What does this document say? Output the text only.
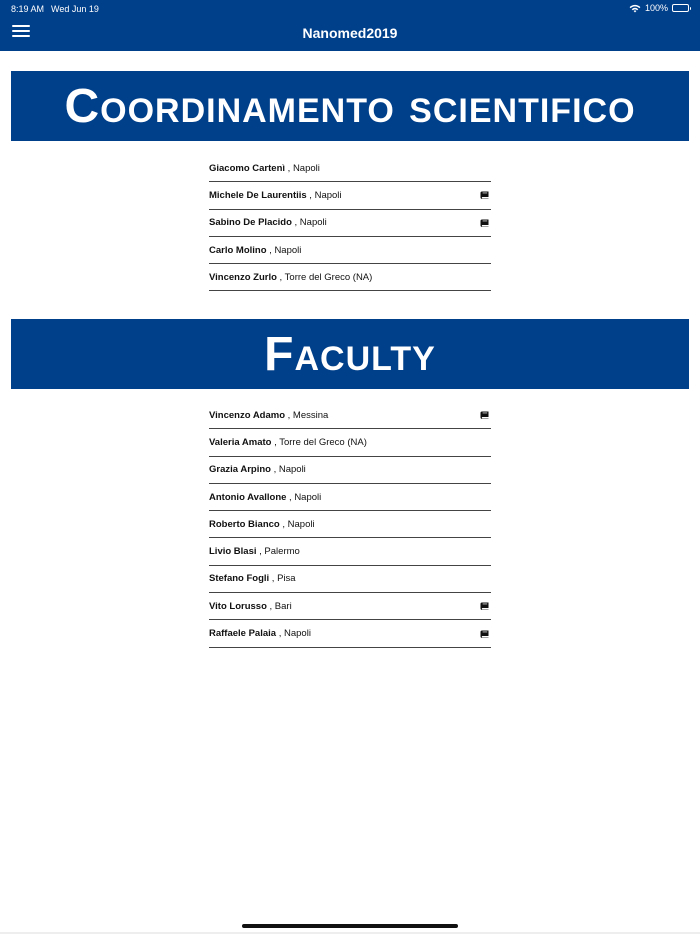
8:19 AM Wed Jun 19	100%
Nanomed2019
Coordinamento scientifico
Giacomo Cartenì , Napoli
Michele De Laurentiis , Napoli
Sabino De Placido , Napoli
Carlo Molino , Napoli
Vincenzo Zurlo , Torre del Greco (NA)
Faculty
Vincenzo Adamo , Messina
Valeria Amato , Torre del Greco (NA)
Grazia Arpino , Napoli
Antonio Avallone , Napoli
Roberto Bianco , Napoli
Livio Blasi , Palermo
Stefano Fogli , Pisa
Vito Lorusso , Bari
Raffaele Palaia , Napoli
